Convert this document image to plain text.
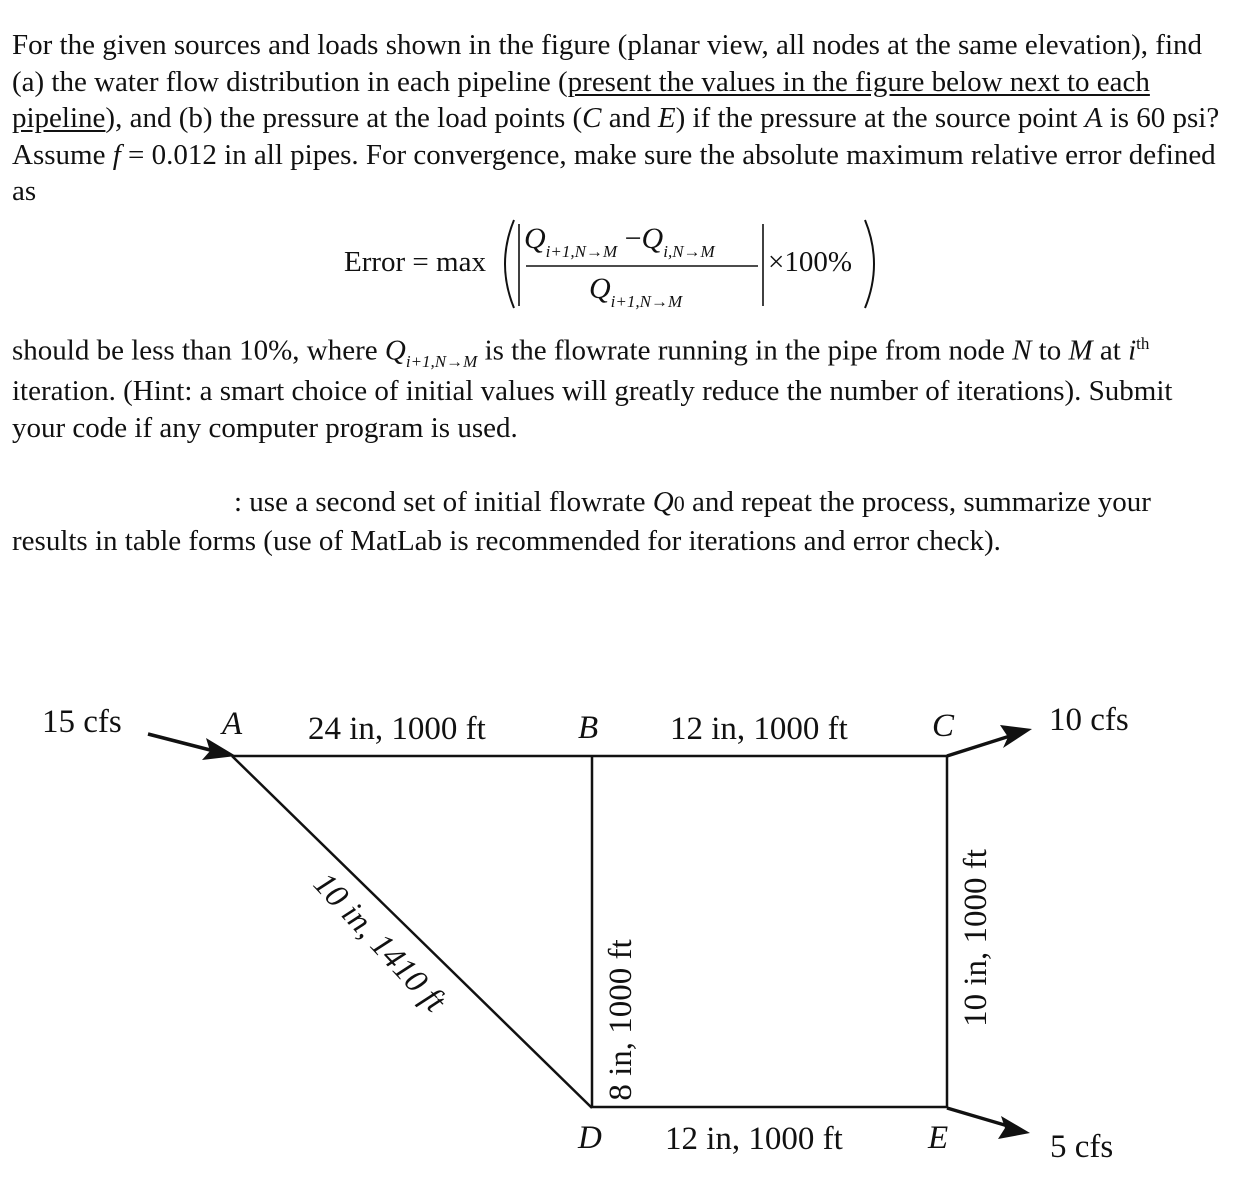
For the given sources and loads shown in the figure (planar view, all nodes at the same elevation), find (a) the water flow distribution in each pipeline (present the values in the figure below next to each pipeline), and (b) the pressure at the load points (C and E) if the pressure at the source point A is 60 psi? Assume f = 0.012 in all pipes. For convergence, make sure the absolute maximum relative error defined as

Error = max
$Q_{i+1,N\to M} -Q_{i,N\to M}$
$Q_{i+1,N\to M}$
×100%

should be less than 10%, where $Q_{i+1,N\to M}$ is the flowrate running in the pipe from node N to M at $i^{th}$ iteration. (Hint: a smart choice of initial values will greatly reduce the number of iterations). Submit your code if any computer program is used.

: use a second set of initial flowrate Q0 and repeat the process, summarize your results in table forms (use of MatLab is recommended for iterations and error check).

15 cfs	10 cfs
5 cfs
A	B	C
D	E
24 in, 1000 ft	12 in, 1000 ft
12 in, 1000 ft
10 in, 1410 ft	8 in, 1000 ft	10 in, 1000 ft
